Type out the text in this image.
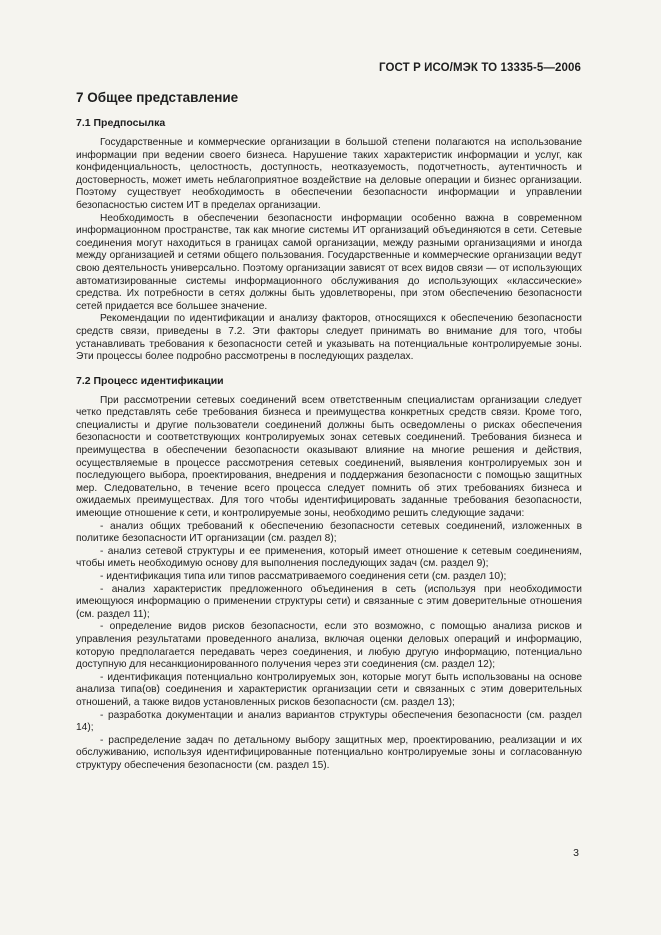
ГОСТ Р ИСО/МЭК ТО 13335-5—2006
7 Общее представление
7.1 Предпосылка

Государственные и коммерческие организации в большой степени полагаются на использование информации при ведении своего бизнеса. Нарушение таких характеристик информации и услуг, как конфиденциальность, целостность, доступность, неотказуемость, подотчетность, аутентичность и достоверность, может иметь неблагоприятное воздействие на деловые операции и бизнес организации. Поэтому существует необходимость в обеспечении безопасности информации и управлении безопасностью систем ИТ в пределах организации.

Необходимость в обеспечении безопасности информации особенно важна в современном информационном пространстве, так как многие системы ИТ организаций объединяются в сети. Сетевые соединения могут находиться в границах самой организации, между разными организациями и иногда между организацией и сетями общего пользования. Государственные и коммерческие организации ведут свою деятельность универсально. Поэтому организации зависят от всех видов связи — от использующих автоматизированные системы информационного обслуживания до использующих «классические» средства. Их потребности в сетях должны быть удовлетворены, при этом обеспечению безопасности сетей придается все большее значение.

Рекомендации по идентификации и анализу факторов, относящихся к обеспечению безопасности средств связи, приведены в 7.2. Эти факторы следует принимать во внимание для того, чтобы устанавливать требования к безопасности сетей и указывать на потенциальные контролируемые зоны. Эти процессы более подробно рассмотрены в последующих разделах.

7.2 Процесс идентификации

При рассмотрении сетевых соединений всем ответственным специалистам организации следует четко представлять себе требования бизнеса и преимущества конкретных средств связи. Кроме того, специалисты и другие пользователи соединений должны быть осведомлены о рисках обеспечения безопасности и соответствующих контролируемых зонах сетевых соединений. Требования бизнеса и преимущества в обеспечении безопасности оказывают влияние на многие решения и действия, осуществляемые в процессе рассмотрения сетевых соединений, выявления контролируемых зон и последующего выбора, проектирования, внедрения и поддержания безопасности с помощью защитных мер. Следовательно, в течение всего процесса следует помнить об этих требованиях бизнеса и ожидаемых преимуществах. Для того чтобы идентифицировать заданные требования безопасности, имеющие отношение к сети, и контролируемые зоны, необходимо решить следующие задачи:

- анализ общих требований к обеспечению безопасности сетевых соединений, изложенных в политике безопасности ИТ организации (см. раздел 8);
- анализ сетевой структуры и ее применения, который имеет отношение к сетевым соединениям, чтобы иметь необходимую основу для выполнения последующих задач (см. раздел 9);
- идентификация типа или типов рассматриваемого соединения сети (см. раздел 10);
- анализ характеристик предложенного объединения в сеть (используя при необходимости имеющуюся информацию о применении структуры сети) и связанные с этим доверительные отношения (см. раздел 11);
- определение видов рисков безопасности, если это возможно, с помощью анализа рисков и управления результатами проведенного анализа, включая оценки деловых операций и информацию, которую предполагается передавать через соединения, и любую другую информацию, потенциально доступную для несанкционированного получения через эти соединения (см. раздел 12);
- идентификация потенциально контролируемых зон, которые могут быть использованы на основе анализа типа(ов) соединения и характеристик организации сети и связанных с этим доверительных отношений, а также видов установленных рисков безопасности (см. раздел 13);
- разработка документации и анализ вариантов структуры обеспечения безопасности (см. раздел 14);
- распределение задач по детальному выбору защитных мер, проектированию, реализации и их обслуживанию, используя идентифицированные потенциально контролируемые зоны и согласованную структуру обеспечения безопасности (см. раздел 15).
3
